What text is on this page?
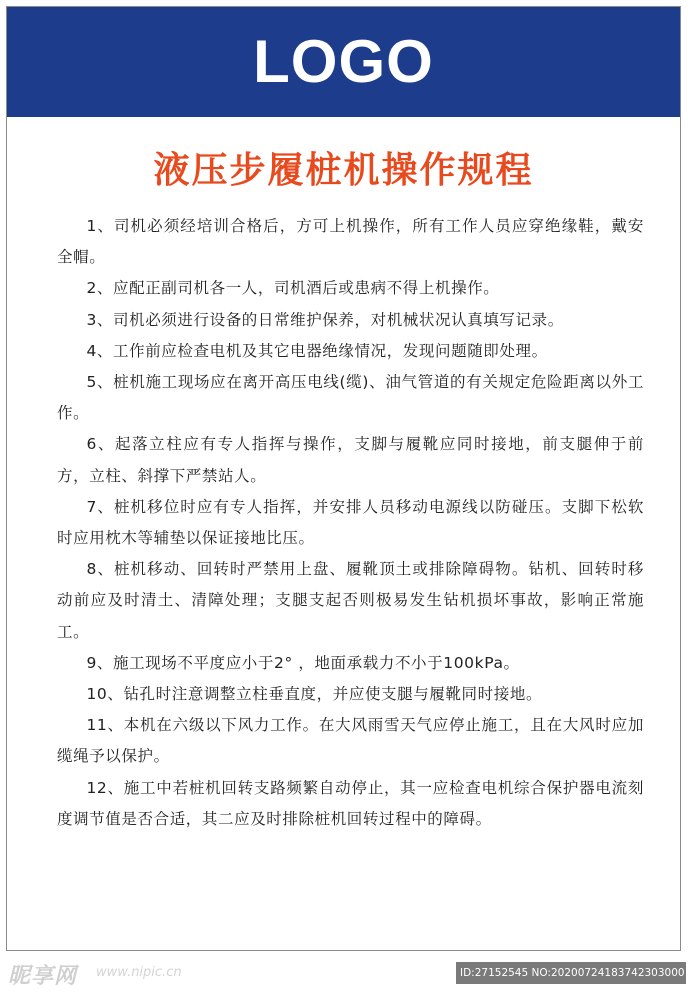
LOGO
液压步履桩机操作规程
1、司机必须经培训合格后，方可上机操作，所有工作人员应穿绝缘鞋，戴安全帽。
2、应配正副司机各一人，司机酒后或患病不得上机操作。
3、司机必须进行设备的日常维护保养，对机械状况认真填写记录。
4、工作前应检查电机及其它电器绝缘情况，发现问题随即处理。
5、桩机施工现场应在离开高压电线(缆)、油气管道的有关规定危险距离以外工作。
6、起落立柱应有专人指挥与操作，支脚与履靴应同时接地，前支腿伸于前方，立柱、斜撑下严禁站人。
7、桩机移位时应有专人指挥，并安排人员移动电源线以防碰压。支脚下松软时应用枕木等辅垫以保证接地比压。
8、桩机移动、回转时严禁用上盘、履靴顶土或排除障碍物。钻机、回转时移动前应及时清土、清障处理；支腿支起否则极易发生钻机损坏事故，影响正常施工。
9、施工现场不平度应小于2° ，地面承载力不小于100kPa。
10、钻孔时注意调整立柱垂直度，并应使支腿与履靴同时接地。
11、本机在六级以下风力工作。在大风雨雪天气应停止施工，且在大风时应加缆绳予以保护。
12、施工中若桩机回转支路频繁自动停止，其一应检查电机综合保护器电流刻度调节值是否合适，其二应及时排除桩机回转过程中的障碍。
昵享网 www.nipic.cn	ID:27152545 NO:20200724183742303000
